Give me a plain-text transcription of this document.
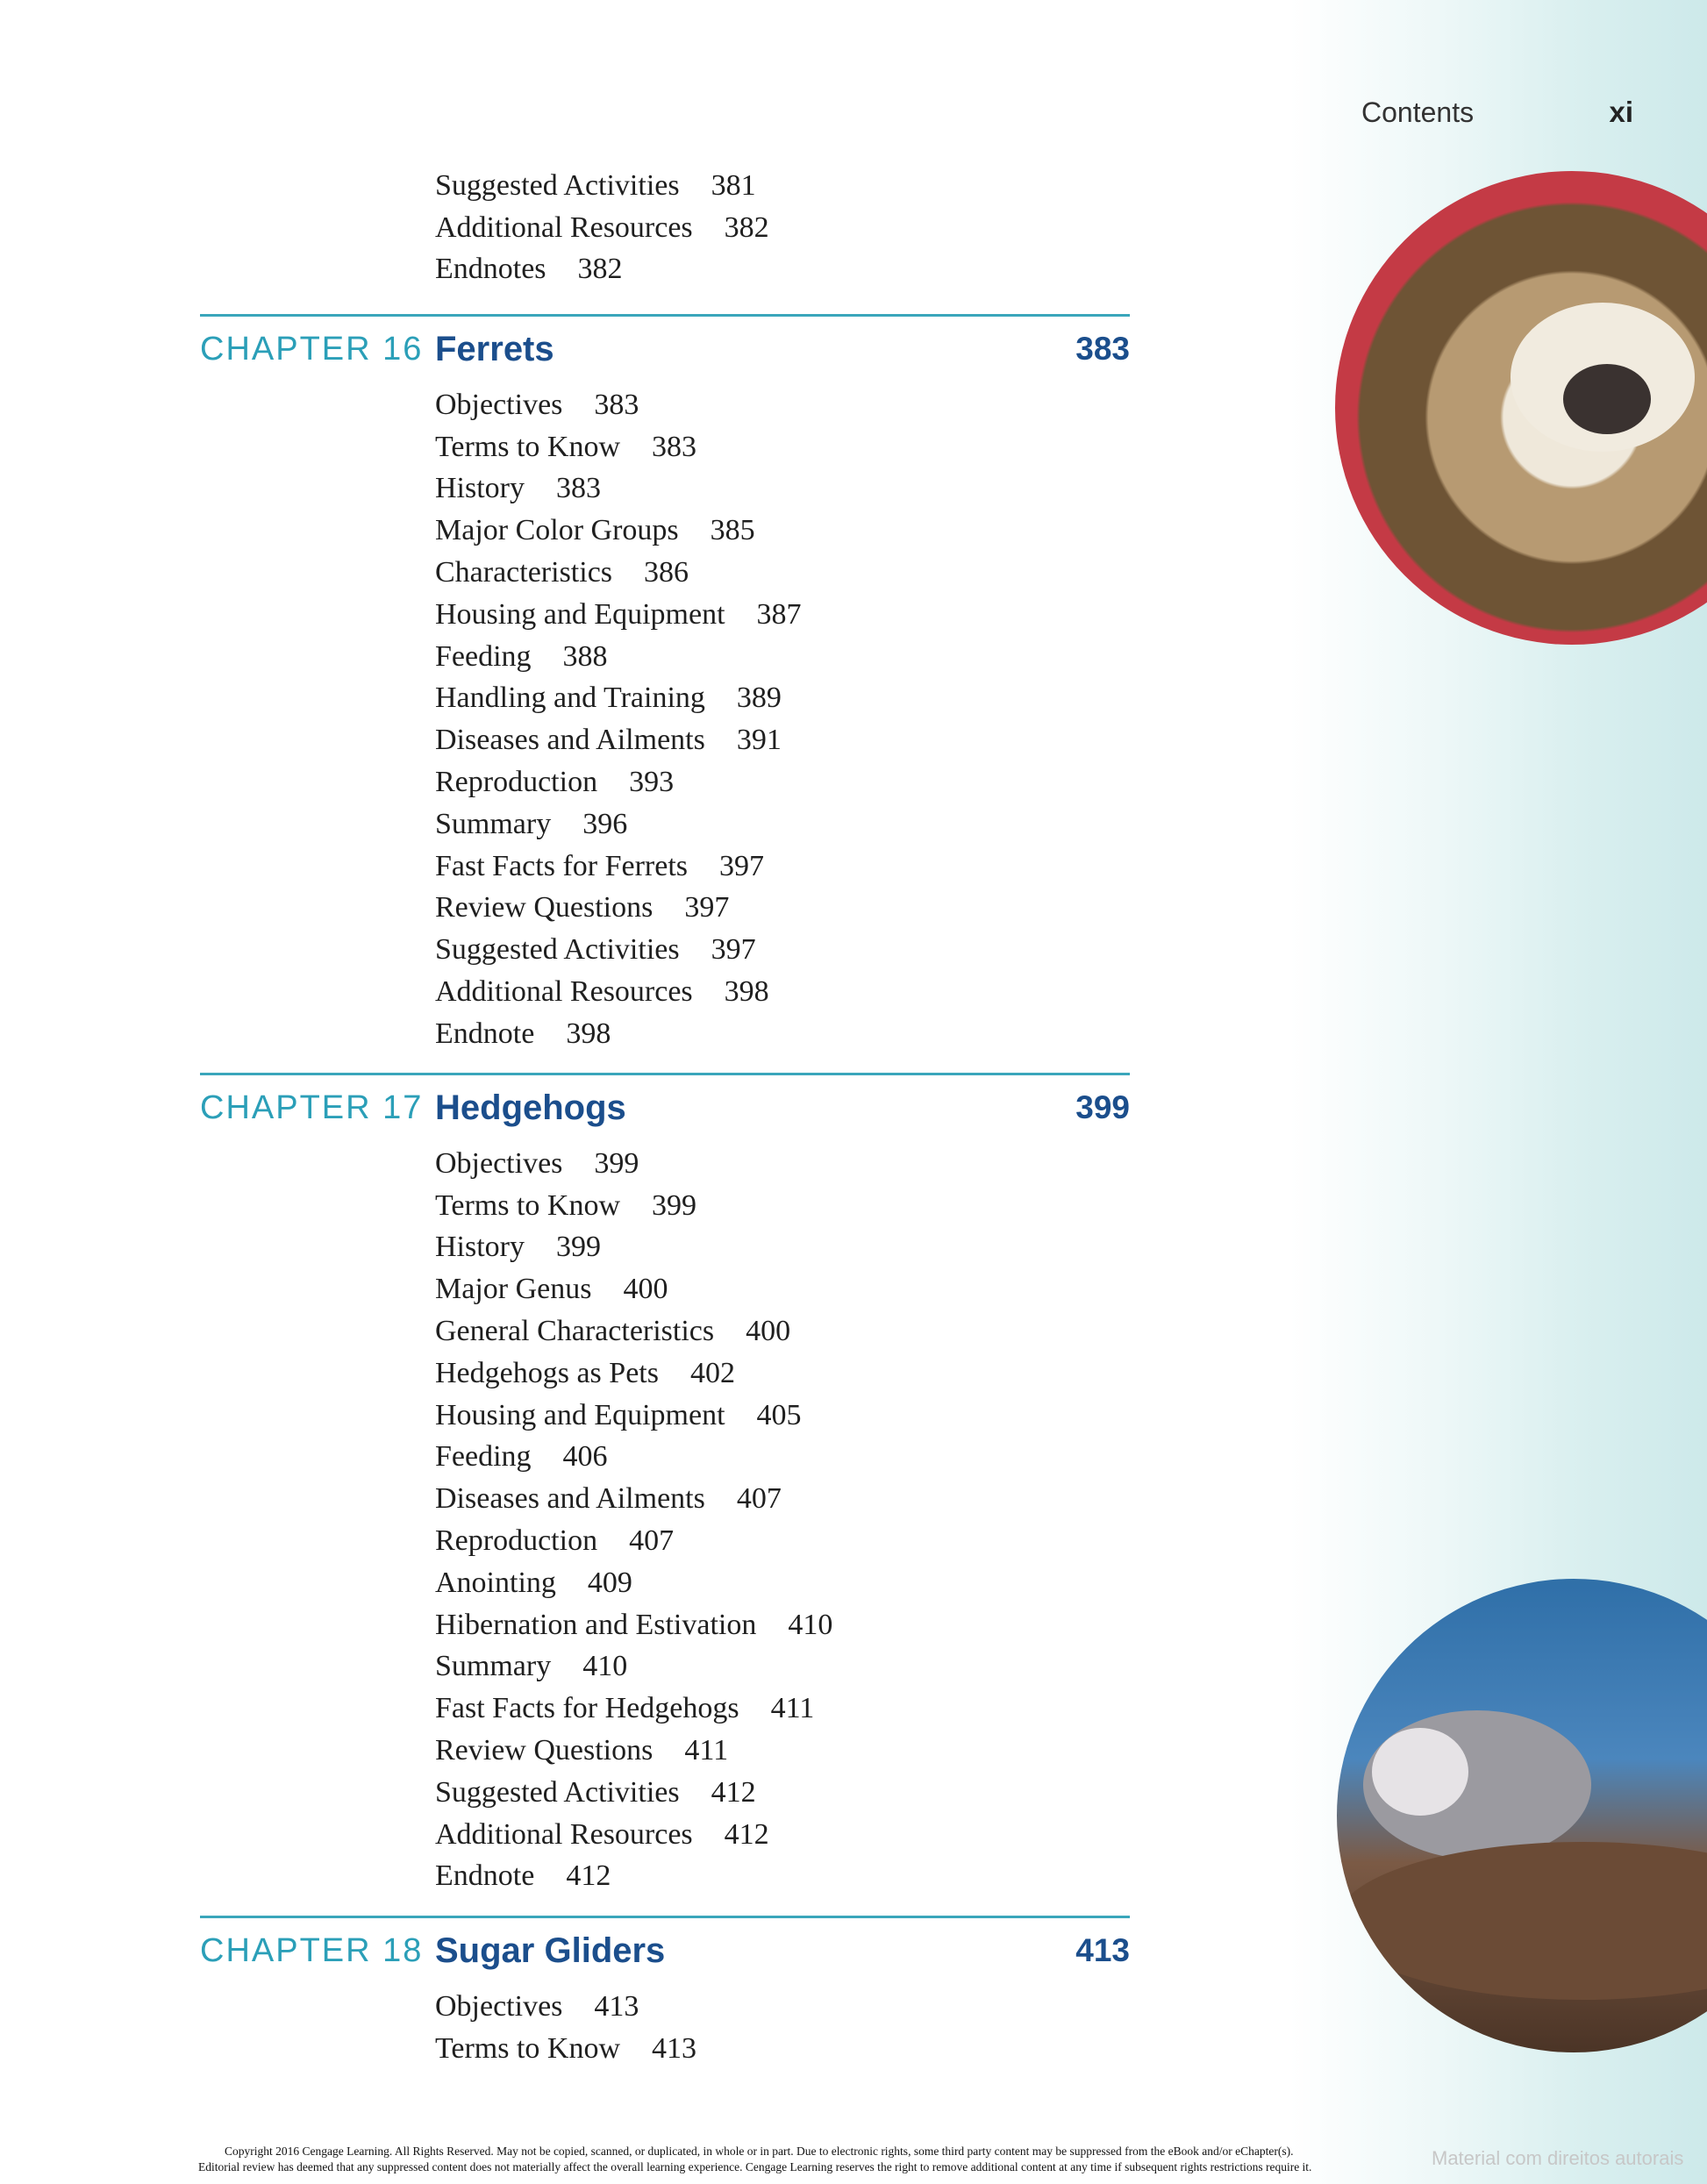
Contents	xi
Suggested Activities 381
Additional Resources 382
Endnotes 382
CHAPTER 16 Ferrets	383
Objectives 383
Terms to Know 383
History 383
Major Color Groups 385
Characteristics 386
Housing and Equipment 387
Feeding 388
Handling and Training 389
Diseases and Ailments 391
Reproduction 393
Summary 396
Fast Facts for Ferrets 397
Review Questions 397
Suggested Activities 397
Additional Resources 398
Endnote 398
CHAPTER 17 Hedgehogs	399
Objectives 399
Terms to Know 399
History 399
Major Genus 400
General Characteristics 400
Hedgehogs as Pets 402
Housing and Equipment 405
Feeding 406
Diseases and Ailments 407
Reproduction 407
Anointing 409
Hibernation and Estivation 410
Summary 410
Fast Facts for Hedgehogs 411
Review Questions 411
Suggested Activities 412
Additional Resources 412
Endnote 412
CHAPTER 18 Sugar Gliders	413
Objectives 413
Terms to Know 413
Copyright 2016 Cengage Learning. All Rights Reserved. May not be copied, scanned, or duplicated, in whole or in part. Due to electronic rights, some third party content may be suppressed from the eBook and/or eChapter(s).
Editorial review has deemed that any suppressed content does not materially affect the overall learning experience. Cengage Learning reserves the right to remove additional content at any time if subsequent rights restrictions require it.	Material com direitos autorais
